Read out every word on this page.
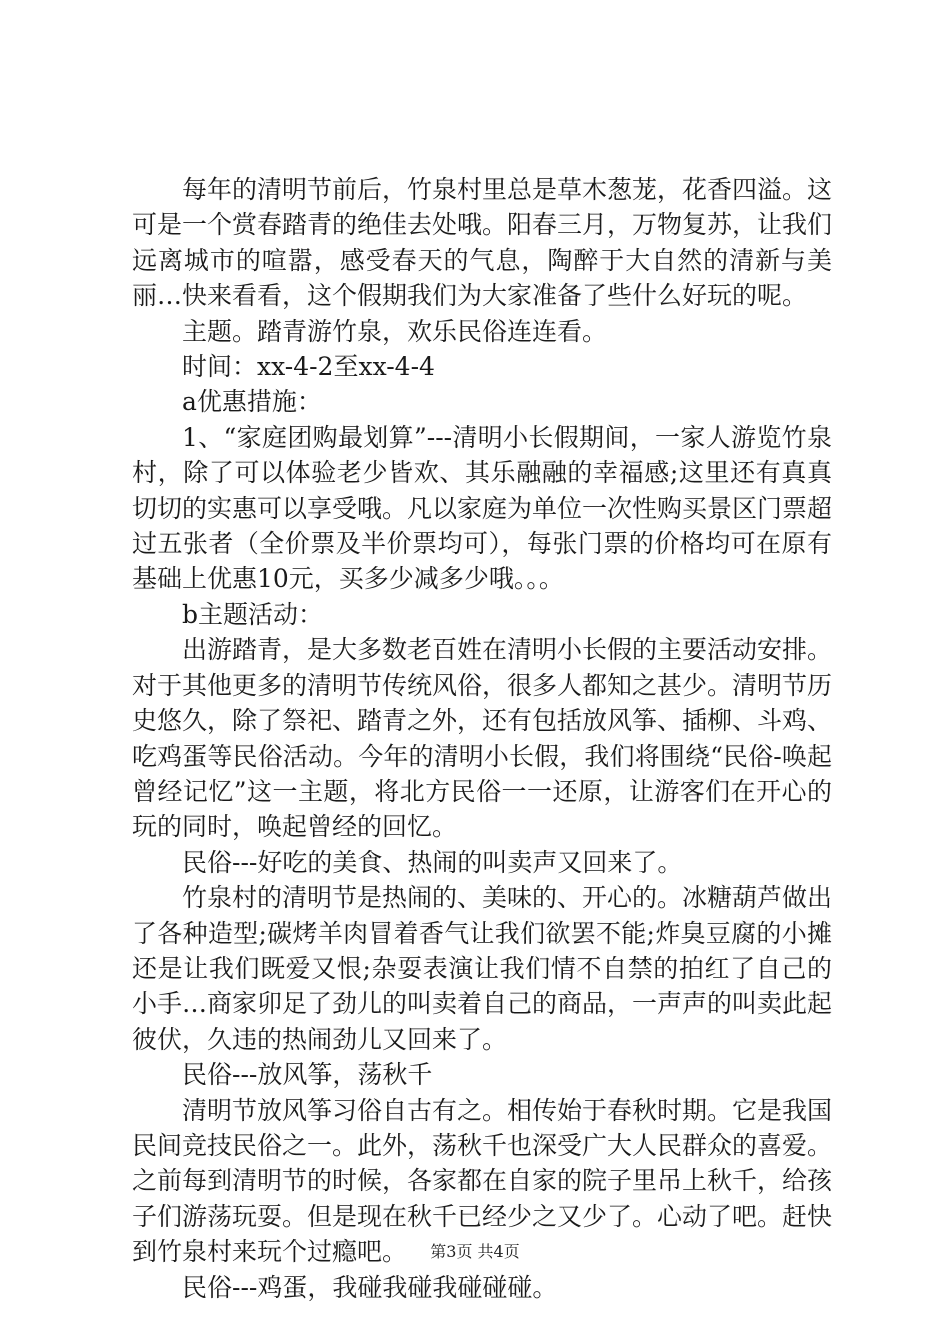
每年的清明节前后，竹泉村里总是草木葱茏，花香四溢。这可是一个赏春踏青的绝佳去处哦。阳春三月，万物复苏，让我们远离城市的喧嚣，感受春天的气息，陶醉于大自然的清新与美丽…快来看看，这个假期我们为大家准备了些什么好玩的呢。

主题。踏青游竹泉，欢乐民俗连连看。

时间：xx-4-2至xx-4-4

a优惠措施：

1、“家庭团购最划算”---清明小长假期间，一家人游览竹泉村，除了可以体验老少皆欢、其乐融融的幸福感;这里还有真真切切的实惠可以享受哦。凡以家庭为单位一次性购买景区门票超过五张者（全价票及半价票均可），每张门票的价格均可在原有基础上优惠10元，买多少减多少哦。。。

b主题活动：

出游踏青，是大多数老百姓在清明小长假的主要活动安排。对于其他更多的清明节传统风俗，很多人都知之甚少。清明节历史悠久，除了祭祀、踏青之外，还有包括放风筝、插柳、斗鸡、吃鸡蛋等民俗活动。今年的清明小长假，我们将围绕“民俗-唤起曾经记忆”这一主题，将北方民俗一一还原，让游客们在开心的玩的同时，唤起曾经的回忆。

民俗---好吃的美食、热闹的叫卖声又回来了。

竹泉村的清明节是热闹的、美味的、开心的。冰糖葫芦做出了各种造型;碳烤羊肉冒着香气让我们欲罢不能;炸臭豆腐的小摊还是让我们既爱又恨;杂耍表演让我们情不自禁的拍红了自己的小手…商家卯足了劲儿的叫卖着自己的商品，一声声的叫卖此起彼伏，久违的热闹劲儿又回来了。

民俗---放风筝，荡秋千

清明节放风筝习俗自古有之。相传始于春秋时期。它是我国民间竞技民俗之一。此外，荡秋千也深受广大人民群众的喜爱。之前每到清明节的时候，各家都在自家的院子里吊上秋千，给孩子们游荡玩耍。但是现在秋千已经少之又少了。心动了吧。赶快到竹泉村来玩个过瘾吧。

民俗---鸡蛋，我碰我碰我碰碰碰。

第3页 共4页
